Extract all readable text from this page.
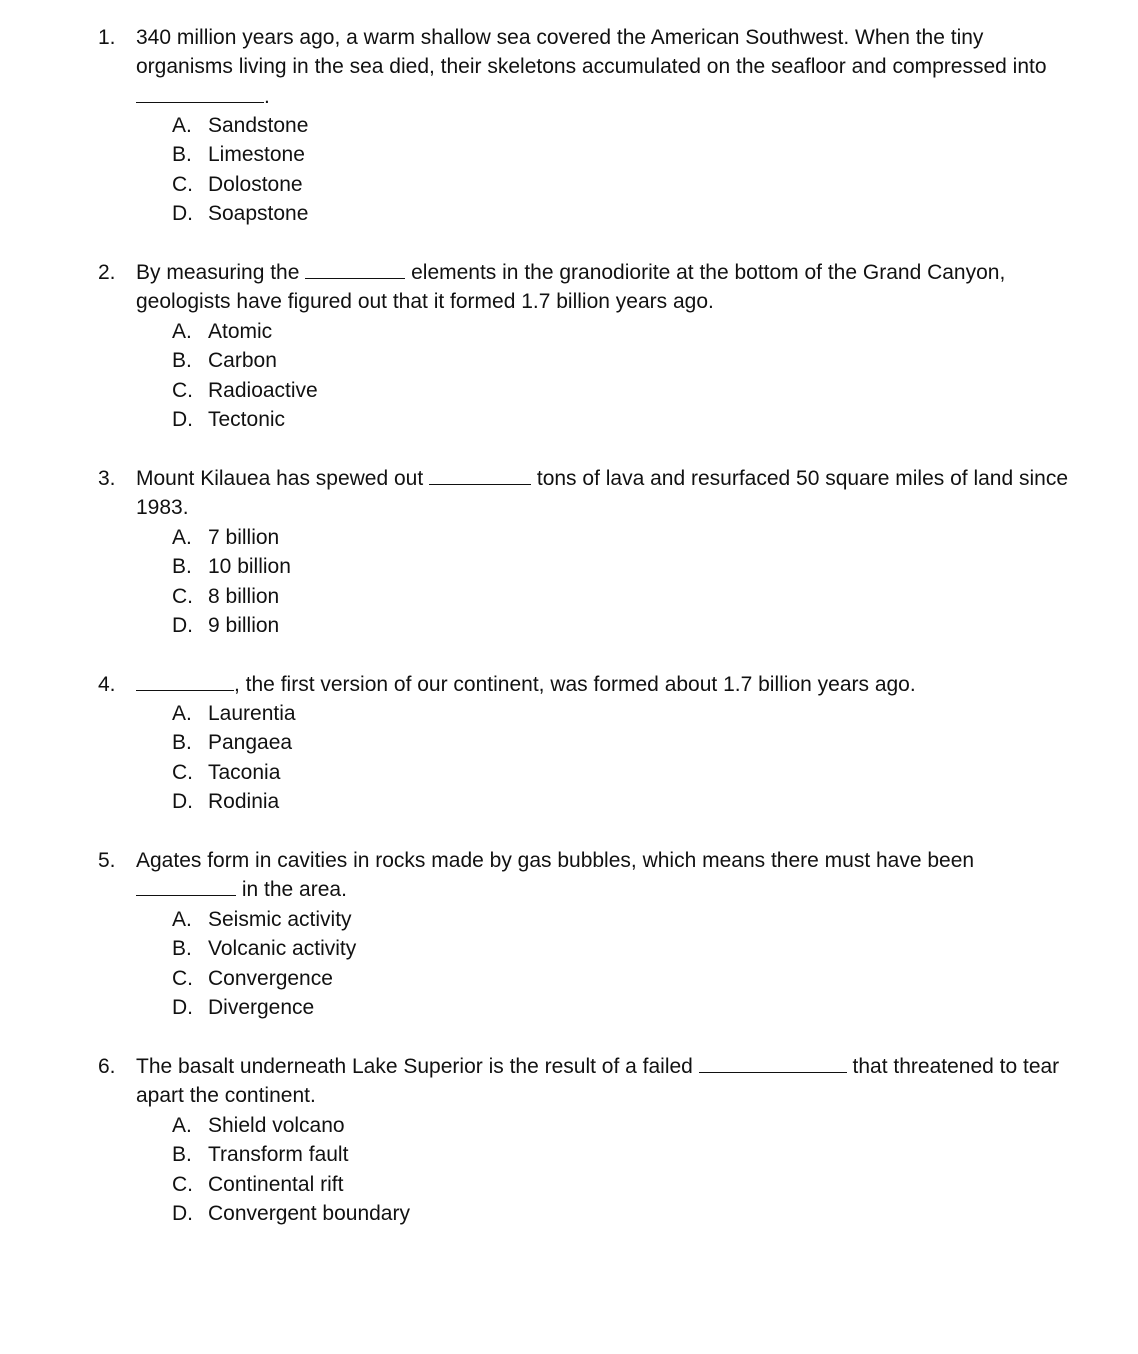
1. 340 million years ago, a warm shallow sea covered the American Southwest. When the tiny organisms living in the sea died, their skeletons accumulated on the seafloor and compressed into .
A. Sandstone
B. Limestone
C. Dolostone
D. Soapstone
2. By measuring the	elements in the granodiorite at the bottom of the Grand Canyon, geologists have figured out that it formed 1.7 billion years ago.
A. Atomic
B. Carbon
C. Radioactive
D. Tectonic
3. Mount Kilauea has spewed out	tons of lava and resurfaced 50 square miles of land since 1983.
A. 7 billion
B. 10 billion
C. 8 billion
D. 9 billion
4.	, the first version of our continent, was formed about 1.7 billion years ago.
A. Laurentia
B. Pangaea
C. Taconia
D. Rodinia
5. Agates form in cavities in rocks made by gas bubbles, which means there must have been  in the area.
A. Seismic activity
B. Volcanic activity
C. Convergence
D. Divergence
6. The basalt underneath Lake Superior is the result of a failed	that threatened to tear apart the continent.
A. Shield volcano
B. Transform fault
C. Continental rift
D. Convergent boundary
